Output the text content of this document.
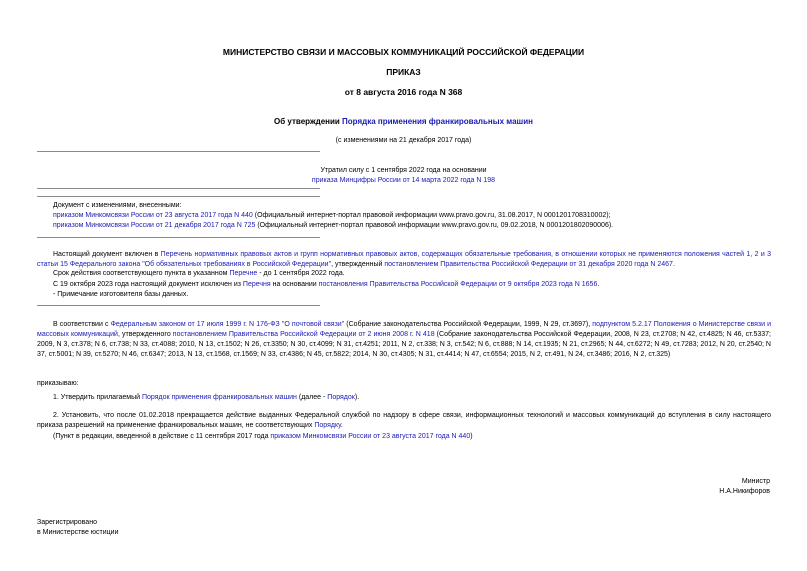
МИНИСТЕРСТВО СВЯЗИ И МАССОВЫХ КОММУНИКАЦИЙ РОССИЙСКОЙ ФЕДЕРАЦИИ
ПРИКАЗ
от 8 августа 2016 года N 368
Об утверждении Порядка применения франкировальных машин
(с изменениями на 21 декабря 2017 года)
Утратил силу с 1 сентября 2022 года на основании
приказа Минцифры России от 14 марта 2022 года N 198
Документ с изменениями, внесенными:
приказом Минкомсвязи России от 23 августа 2017 года N 440 (Официальный интернет-портал правовой информации www.pravo.gov.ru, 31.08.2017, N 0001201708310002);
приказом Минкомсвязи России от 21 декабря 2017 года N 725 (Официальный интернет-портал правовой информации www.pravo.gov.ru, 09.02.2018, N 0001201802090006).
Настоящий документ включен в Перечень нормативных правовых актов и групп нормативных правовых актов, содержащих обязательные требования, в отношении которых не применяются положения частей 1, 2 и 3 статьи 15 Федерального закона "Об обязательных требованиях в Российской Федерации", утвержденный постановлением Правительства Российской Федерации от 31 декабря 2020 года N 2467.
Срок действия соответствующего пункта в указанном Перечне - до 1 сентября 2022 года.
С 19 октября 2023 года настоящий документ исключен из Перечня на основании постановления Правительства Российской Федерации от 9 октября 2023 года N 1656.
- Примечание изготовителя базы данных.
В соответствии с Федеральным законом от 17 июля 1999 г. N 176-ФЗ "О почтовой связи" (Собрание законодательства Российской Федерации, 1999, N 29, ст.3697), подпунктом 5.2.17 Положения о Министерстве связи и массовых коммуникаций, утвержденного постановлением Правительства Российской Федерации от 2 июня 2008 г. N 418 (Собрание законодательства Российской Федерации, 2008, N 23, ст.2708; N 42, ст.4825; N 46, ст.5337; 2009, N 3, ст.378; N 6, ст.738; N 33, ст.4088; 2010, N 13, ст.1502; N 26, ст.3350; N 30, ст.4099; N 31, ст.4251; 2011, N 2, ст.338; N 3, ст.542; N 6, ст.888; N 14, ст.1935; N 21, ст.2965; N 44, ст.6272; N 49, ст.7283; 2012, N 20, ст.2540; N 37, ст.5001; N 39, ст.5270; N 46, ст.6347; 2013, N 13, ст.1568, ст.1569; N 33, ст.4386; N 45, ст.5822; 2014, N 30, ст.4305; N 31, ст.4414; N 47, ст.6554; 2015, N 2, ст.491, N 24, ст.3486; 2016, N 2, ст.325)
приказываю:
1. Утвердить прилагаемый Порядок применения франкировальных машин (далее - Порядок).
2. Установить, что после 01.02.2018 прекращается действие выданных Федеральной службой по надзору в сфере связи, информационных технологий и массовых коммуникаций до вступления в силу настоящего приказа разрешений на применение франкировальных машин, не соответствующих Порядку.
(Пункт в редакции, введенной в действие с 11 сентября 2017 года приказом Минкомсвязи России от 23 августа 2017 года N 440)
Министр
Н.А.Никифоров
Зарегистрировано
в Министерстве юстиции
